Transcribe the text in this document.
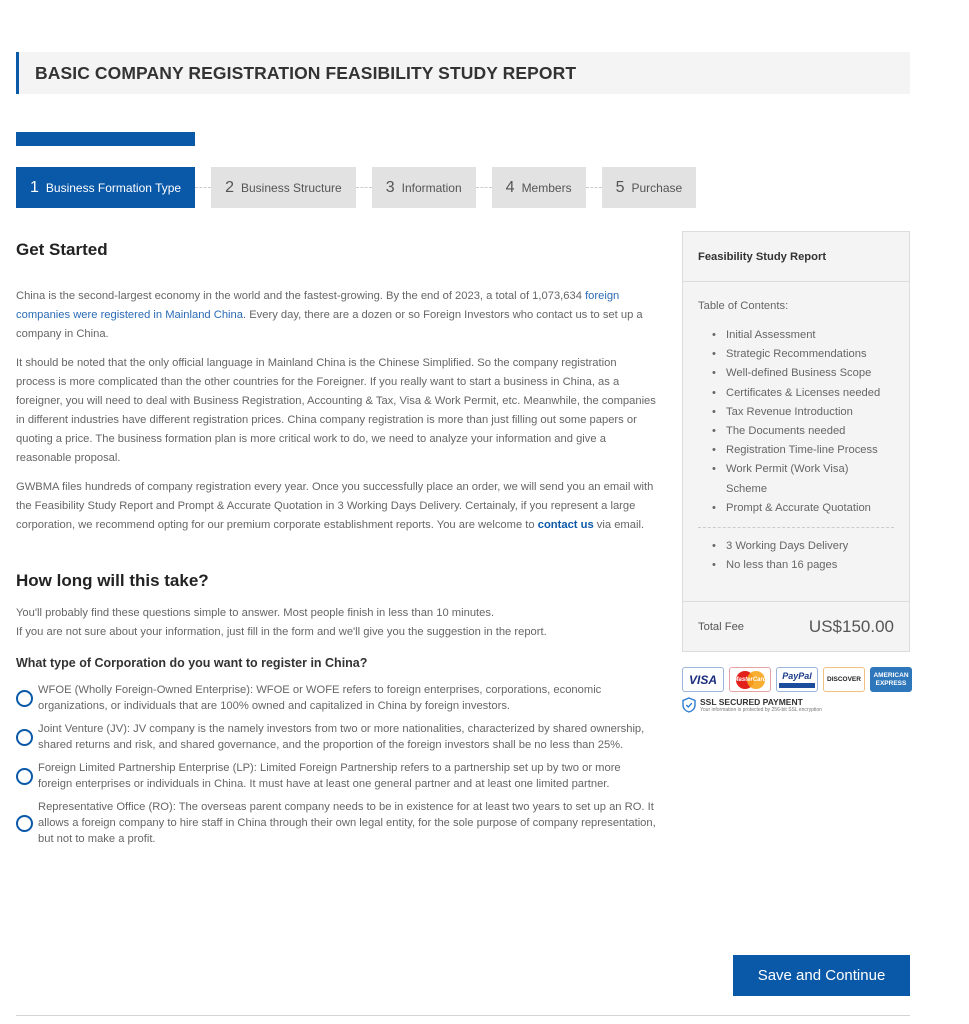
BASIC COMPANY REGISTRATION FEASIBILITY STUDY REPORT
1 Business Formation Type	2 Business Structure	3 Information	4 Members	5 Purchase
Get Started

China is the second-largest economy in the world and the fastest-growing. By the end of 2023, a total of 1,073,634 foreign companies were registered in Mainland China. Every day, there are a dozen or so Foreign Investors who contact us to set up a company in China.

It should be noted that the only official language in Mainland China is the Chinese Simplified. So the company registration process is more complicated than the other countries for the Foreigner. If you really want to start a business in China, as a foreigner, you will need to deal with Business Registration, Accounting & Tax, Visa & Work Permit, etc. Meanwhile, the companies in different industries have different registration prices. China company registration is more than just filling out some papers or quoting a price. The business formation plan is more critical work to do, we need to analyze your information and give a reasonable proposal.

GWBMA files hundreds of company registration every year. Once you successfully place an order, we will send you an email with the Feasibility Study Report and Prompt & Accurate Quotation in 3 Working Days Delivery. Certainaly, if you represent a large corporation, we recommend opting for our premium corporate establishment reports. You are welcome to contact us via email.

How long will this take?

You'll probably find these questions simple to answer. Most people finish in less than 10 minutes.

If you are not sure about your information, just fill in the form and we'll give you the suggestion in the report.

What type of Corporation do you want to register in China?
WFOE (Wholly Foreign-Owned Enterprise): WFOE or WOFE refers to foreign enterprises, corporations, economic organizations, or individuals that are 100% owned and capitalized in China by foreign investors.
Joint Venture (JV): JV company is the namely investors from two or more nationalities, characterized by shared ownership, shared returns and risk, and shared governance, and the proportion of the foreign investors shall be no less than 25%.
Foreign Limited Partnership Enterprise (LP): Limited Foreign Partnership refers to a partnership set up by two or more foreign enterprises or individuals in China. It must have at least one general partner and at least one limited partner.
Representative Office (RO): The overseas parent company needs to be in existence for at least two years to set up an RO. It allows a foreign company to hire staff in China through their own legal entity, for the sole purpose of company representation, but not to make a profit.
Feasibility Study Report
Table of Contents:
• Initial Assessment
• Strategic Recommendations
• Well-defined Business Scope
• Certificates & Licenses needed
• Tax Revenue Introduction
• The Documents needed
• Registration Time-line Process
• Work Permit (Work Visa) Scheme
• Prompt & Accurate Quotation
• 3 Working Days Delivery
• No less than 16 pages
Total Fee	US$150.00
VISA	MasterCard PayPal DISCOVER
AMERICAN EXPRESS
SSL SECURED PAYMENT
Your information is protected by 256-bit SSL encryption
Save and Continue
